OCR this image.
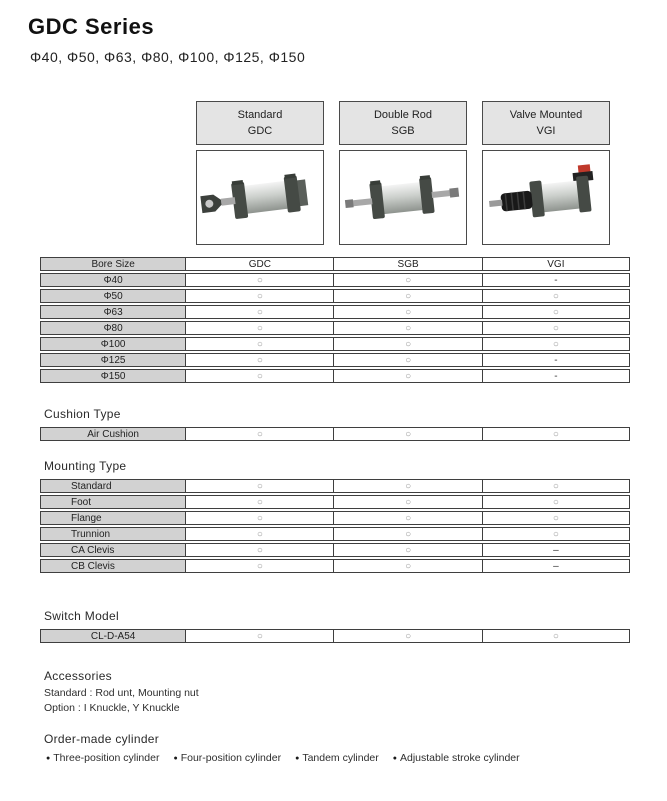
GDC Series
Φ40, Φ50, Φ63, Φ80, Φ100, Φ125, Φ150
Standard
GDC
Double Rod
SGB
Valve Mounted
VGI
Bore Size	GDC	SGB	VGI
Φ40	○	○	-
Φ50	○	○	○
Φ63	○	○	○
Φ80	○	○	○
Φ100	○	○	○
Φ125	○	○	-
Φ150	○	○	-
Cushion Type
Air Cushion	○	○	○
Mounting Type
Standard	○	○	○
Foot	○	○	○
Flange	○	○	○
Trunnion	○	○	○
CA Clevis	○	○	–
CB Clevis	○	○	–
Switch Model
CL-D-A54	○	○	○
Accessories
Standard : Rod unt, Mounting nut
Option : I Knuckle, Y Knuckle
Order-made cylinder
● Three-position cylinder ● Four-position cylinder ● Tandem cylinder ● Adjustable stroke cylinder
